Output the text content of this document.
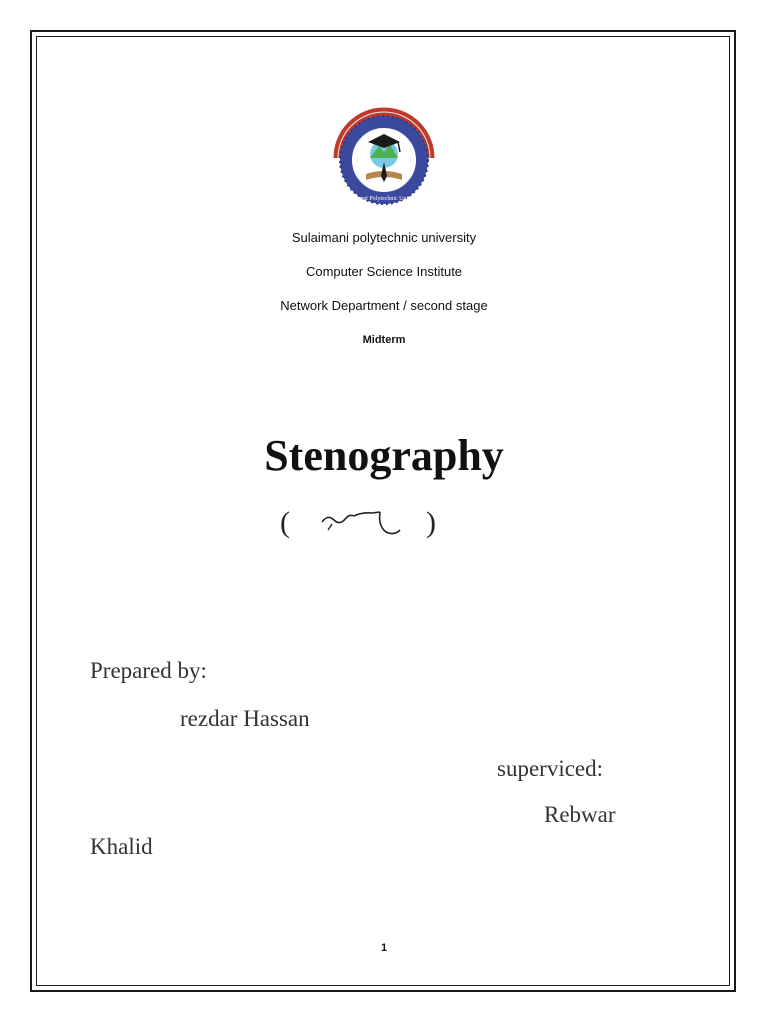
Sulaimani Polytechnic University
Sulaimani polytechnic university
Computer Science Institute
Network Department / second stage
Midterm
Stenography
(	)
Prepared by:
rezdar Hassan
superviced:
Rebwar
Khalid
1
